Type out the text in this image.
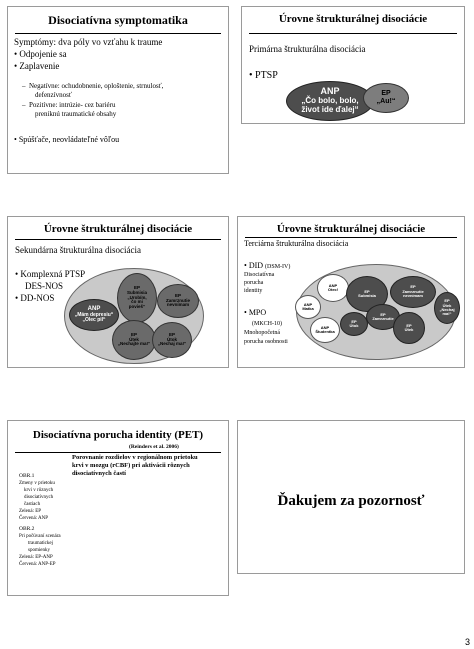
Disociatívna symptomatika
Symptómy: dva póly vo vzťahu k traume
• Odpojenie sa
• Zaplavenie
–  Negatívne: ochudobnenie, oploštenie, strnulosť,
defenzívnosť
–  Pozitívne: intrúzie- cez bariéru
preniknú traumatické obsahy
• Spúšťače, neovládateľné vôľou
Úrovne štrukturálnej disociácie
Primárna štrukturálna disociácia
• PTSP
ANP
„Čo bolo, bolo,
život ide ďalej“
EP
„Au!“
Úrovne štrukturálnej disociácie
Sekundárna štrukturálna disociácia
• Komplexná PTSP
DES-NOS
• DD-NOS
ANP
„Mám depresiu“
„Olec pil“
EP
Submisia
„Urobím,
čo mi
povieš“
EP
Zamrznutie
nevnímam
EP
Útek
„Nechajte ma!“
EP
Útok
„Nechaj ma!“
Úrovne štrukturálnej disociácie
Terciárna štrukturálna disociácia
• DID (DSM-IV)
Disociatívna
porucha
identity
• MPO
(MKCH-10)
Mnohopočetná
porucha osobnosti
ANP
Matka
ANP
Otec!
ANP
Študentka
EP
Submisia
EP
Zamrznutie
nevnímam
EP
Útok
EP
Zamrznutie
EP
Útek
EP
Útek
„Nechaj
ma!“
Disociatívna porucha identity (PET)
(Reinders et al. 2006)
Porovnanie rozdielov v regionálnom prietoku
krvi v mozgu (rCBF) pri aktivácii rôznych
disociatívnych častí
OBR.1
Zmeny v prietoku
krvi v rôznych
disociatívnych
častiach
Zelená: EP
Červená: ANP
OBR.2
Pri počúvaní scenára
traumatickej
spomienky
Zelená: EP-ANP
Červená: ANP-EP
Ďakujem za pozornosť
3
